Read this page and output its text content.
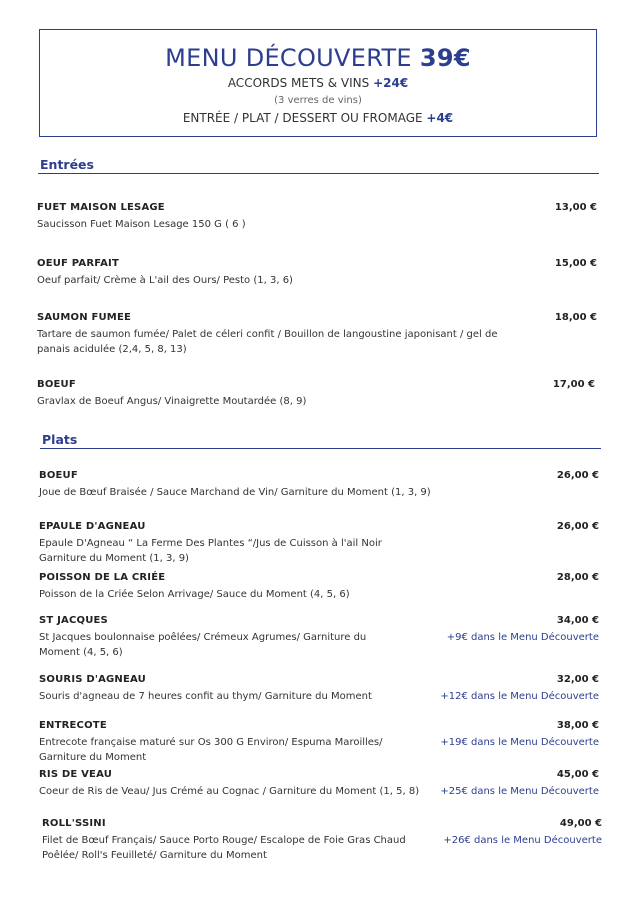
MENU DÉCOUVERTE 39€
ACCORDS METS & VINS +24€
(3 verres de vins)
ENTRÉE / PLAT / DESSERT OU FROMAGE +4€
Entrées
FUET MAISON LESAGE	13,00 €
Saucisson Fuet Maison Lesage 150 G ( 6 )
OEUF PARFAIT	15,00 €
Oeuf parfait/ Crème à L'ail des Ours/ Pesto (1, 3, 6)
SAUMON FUMEE	18,00 €
Tartare de saumon fumée/ Palet de céleri confit / Bouillon de langoustine japonisant / gel de panais acidulée (2,4, 5, 8, 13)
BOEUF	17,00 €
Gravlax de Boeuf Angus/ Vinaigrette Moutardée (8, 9)
Plats
BOEUF	26,00 €
Joue de Bœuf Braisée / Sauce Marchand de Vin/ Garniture du Moment (1, 3, 9)
EPAULE D'AGNEAU	26,00 €
Epaule D'Agneau “ La Ferme Des Plantes “/Jus de Cuisson à l'ail Noir Garniture du Moment (1, 3, 9)
POISSON DE LA CRIÉE	28,00 €
Poisson de la Criée Selon Arrivage/ Sauce du Moment (4, 5, 6)
ST JACQUES	34,00 €
St Jacques boulonnaise poêlées/ Crémeux Agrumes/ Garniture du Moment (4, 5, 6)
+9€ dans le Menu Découverte
SOURIS D'AGNEAU	32,00 €
Souris d'agneau de 7 heures confit au thym/ Garniture du Moment	+12€ dans le Menu Découverte
ENTRECOTE	38,00 €
Entrecote française maturé sur Os 300 G Environ/ Espuma Maroilles/ Garniture du Moment
+19€ dans le Menu Découverte
RIS DE VEAU	45,00 €
Coeur de Ris de Veau/ Jus Crémé au Cognac / Garniture du Moment (1, 5, 8)	+25€ dans le Menu Découverte
ROLL'SSINI	49,00 €
Filet de Bœuf Français/ Sauce Porto Rouge/ Escalope de Foie Gras Chaud Poêlée/ Roll's Feuilleté/ Garniture du Moment
+26€ dans le Menu Découverte
